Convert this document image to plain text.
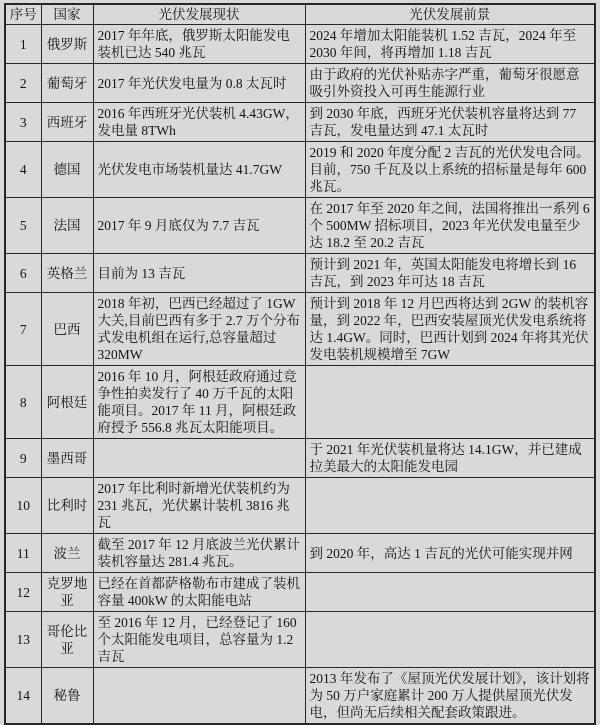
序号	国家	光伏发展现状	光伏发展前景
1	俄罗斯	2017 年年底，俄罗斯太阳能发电装机已达 540 兆瓦	2024 年增加太阳能装机 1.52 吉瓦，2024 年至 2030 年间，将再增加 1.18 吉瓦
2	葡萄牙	2017 年光伏发电量为 0.8 太瓦时	由于政府的光伏补贴赤字严重，葡萄牙很愿意吸引外资投入可再生能源行业
3	西班牙	2016 年西班牙光伏装机 4.43GW，发电量 8TWh	到 2030 年底，西班牙光伏装机容量将达到 77 吉瓦，发电量达到 47.1 太瓦时
4	德国	光伏发电市场装机量达 41.7GW	2019 和 2020 年度分配 2 吉瓦的光伏发电合同。目前，750 千瓦及以上系统的招标量是每年 600 兆瓦。
5	法国	2017 年 9 月底仅为 7.7 吉瓦	在 2017 年至 2020 年之间，法国将推出一系列 6 个 500MW 招标项目，2023 年光伏发电量至少达 18.2 至 20.2 吉瓦
6	英格兰	目前为 13 吉瓦	预计到 2021 年，英国太阳能发电将增长到 16 吉瓦，到 2023 年可达 18 吉瓦
7	巴西	2018 年初，巴西已经超过了 1GW 大关,目前巴西有多于 2.7 万个分布式发电机组在运行,总容量超过 320MW	预计到 2018 年 12 月巴西将达到 2GW 的装机容量，到 2022 年，巴西安装屋顶光伏发电系统将达 1.4GW。同时，巴西计划到 2024 年将其光伏发电装机规模增至 7GW
8	阿根廷	2016 年 10 月，阿根廷政府通过竞争性拍卖发行了 40 万千瓦的太阳能项目。2017 年 11 月，阿根廷政府授予 556.8 兆瓦太阳能项目。	
9	墨西哥		于 2021 年光伏装机量将达 14.1GW，并已建成拉美最大的太阳能发电园
10	比利时	2017 年比利时新增光伏装机约为 231 兆瓦，光伏累计装机 3816 兆瓦	
11	波兰	截至 2017 年 12 月底波兰光伏累计装机容量达 281.4 兆瓦。	到 2020 年，高达 1 吉瓦的光伏可能实现并网
12	克罗地亚	已经在首都萨格勒布市建成了装机容量 400kW 的太阳能电站	
13	哥伦比亚	至 2016 年 12 月，已经登记了 160 个太阳能发电项目，总容量为 1.2 吉瓦	
14	秘鲁		2013 年发布了《屋顶光伏发展计划》，该计划将为 50 万户家庭累计 200 万人提供屋顶光伏发电，但尚无后续相关配套政策跟进。
